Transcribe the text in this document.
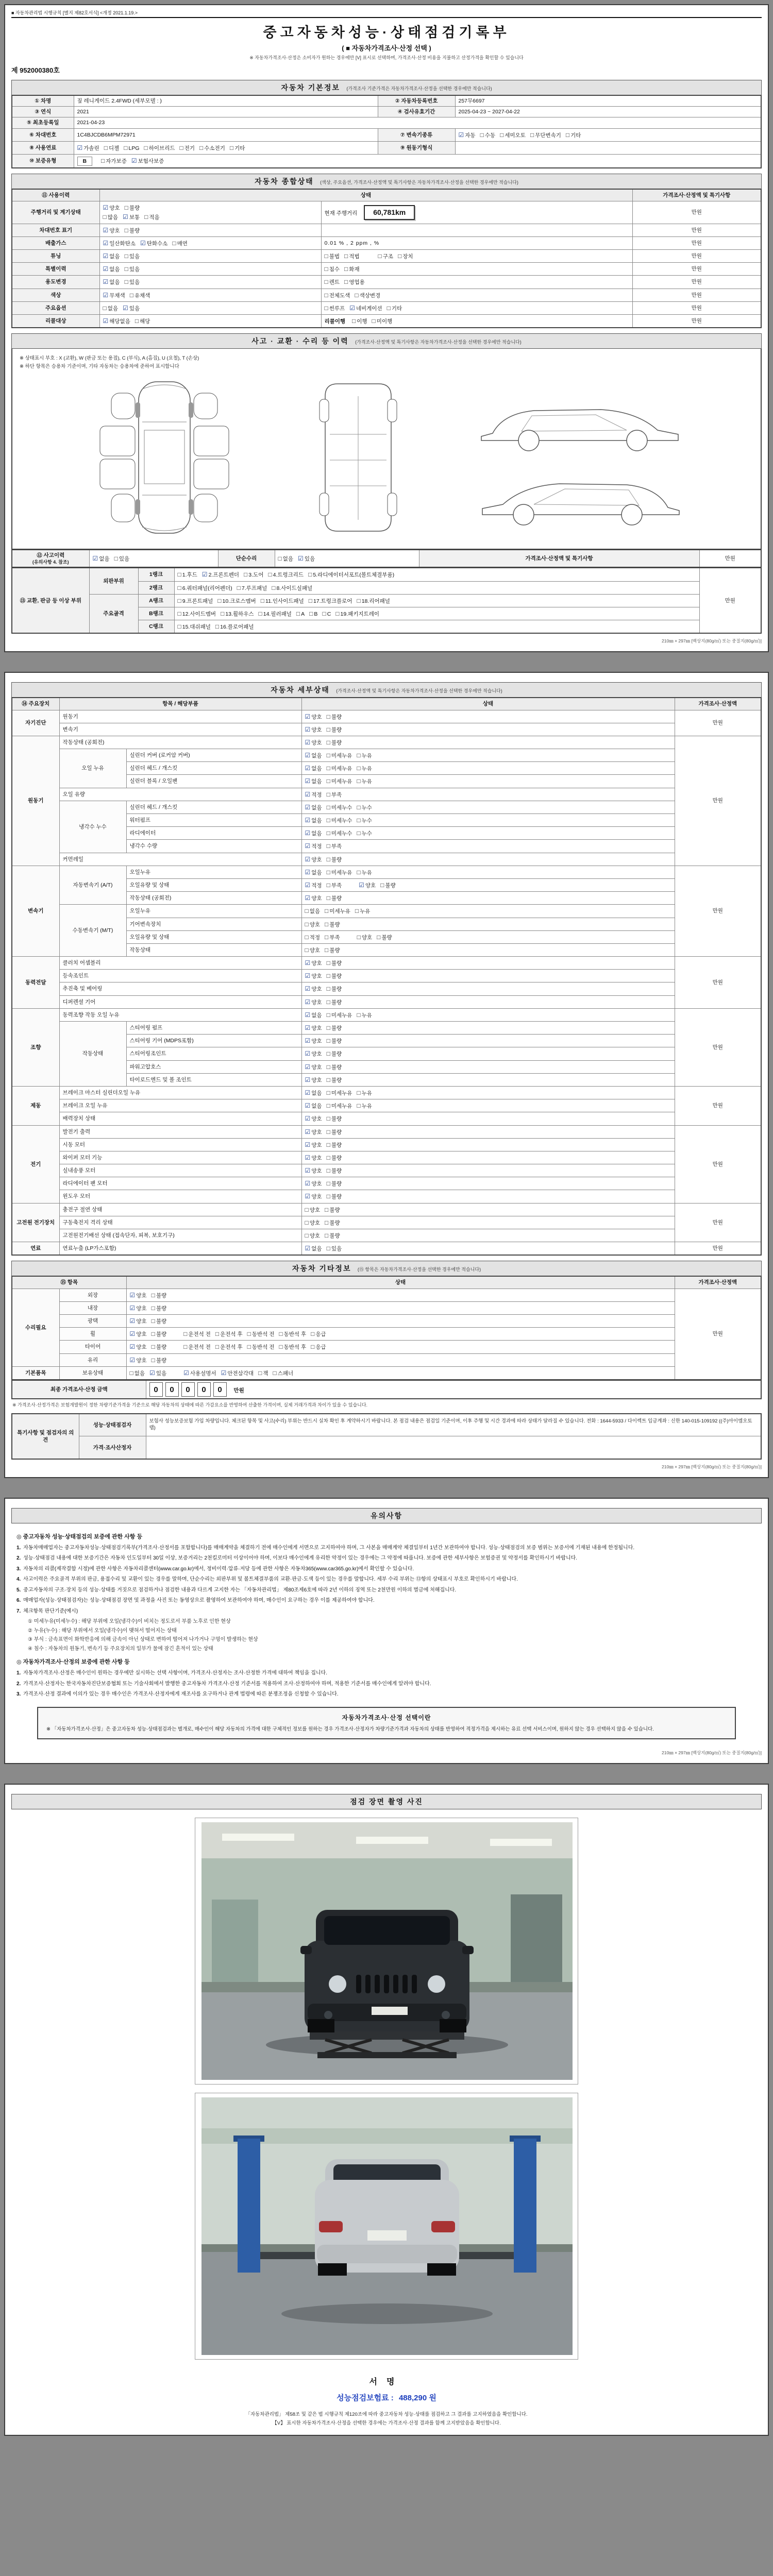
■ 자동차관리법 시행규칙 [별지 제82호서식] <개정 2021.1.19.>
중고자동차성능·상태점검기록부
( ■ 자동차가격조사·산정 선택 )
※ 자동차가격조사·산정은 소비자가 원하는 경우에만 [V] 표시로 선택하며, 가격조사·산정 비용을 지불하고 산정가격을 확인할 수 있습니다
제 952000380호
자동차 기본정보 (가격조사 기준가격은 자동차가격조사·산정을 선택한 경우에만 적습니다)
① 차명	짚 레니게이드 2.4FWD (세부모델 : )	② 자동차등록번호	257무6697
③ 연식	2021	④ 검사유효기간	2025-04-23 ~ 2027-04-22
⑤ 최초등록일	2021-04-23		
⑥ 차대번호	1C4BJCDB6MPM72971	⑦ 변속기종류	☑ 자동 □ 수동 □ 세미오토 □ 무단변속기 □ 기타
⑧ 사용연료	☑ 가솔린 □ 디젤 □ LPG □ 하이브리드 □ 전기 □ 수소전기 □ 기타	⑨ 원동기형식	
⑩ 보증유형	B □ 자가보증 ☑ 보험사보증		
자동차 종합상태 (색상, 주요옵션, 가격조사·산정액 및 특기사항은 자동차가격조사·산정을 선택한 경우에만 적습니다)
⑪ 사용이력	상태		가격조사·산정액 및 특기사항
주행거리 및 계기상태	☑ 양호 □ 불량
□ 많음 ☑ 보통 □ 적음	현재 주행거리 60,781km	만원
차대번호 표기	☑ 양호 □ 불량		만원
배출가스	☑ 일산화탄소 ☑ 탄화수소 □ 매연	0.01 % , 2 ppm , %	만원
튜닝	☑ 없음 □ 있음	□ 불법 □ 적법 □ 구조 □ 장치	만원
특별이력	☑ 없음 □ 있음	□ 침수 □ 화재	만원
용도변경	☑ 없음 □ 있음	□ 렌트 □ 영업용	만원
색상	☑ 무채색 □ 유채색	□ 전체도색 □ 색상변경	만원
주요옵션	□ 없음 ☑ 있음	□ 썬루프 ☑ 네비게이션 □ 기타	만원
리콜대상	☑ 해당없음 □ 해당	리콜이행 □ 이행 □ 미이행	만원
사고 · 교환 · 수리 등 이력 (가격조사·산정액 및 특기사항은 자동차가격조사·산정을 선택한 경우에만 적습니다)
※ 상태표시 부호 : X (교환), W (판금 또는 용접), C (부식), A (흠집), U (요철), T (손상)
※ 하단 항목은 승용차 기준이며, 기타 자동차는 승용차에 준하여 표시합니다
⑫ 사고이력
(유의사항 4. 참조)
	☑ 없음 □ 있음	단순수리	□ 없음 ☑ 있음	가격조사·산정액 및 특기사항	만원
⑬ 교환, 판금 등 이상 부위	외판부위	1랭크	□ 1.후드 ☑ 2.프론트펜더 □ 3.도어 □ 4.트렁크리드 □ 5.라디에이터서포트(볼트체결부품)	만원
		2랭크	□ 6.쿼터패널(리어펜더) □ 7.루프패널 □ 8.사이드실패널	
	주요골격	A랭크	□ 9.프론트패널 □ 10.크로스멤버 □ 11.인사이드패널 □ 17.트렁크플로어 □ 18.리어패널	
		B랭크	□ 12.사이드멤버 □ 13.휠하우스 □ 14.필러패널 □ A □ B □ C □ 19.패키지트레이	
		C랭크	□ 15.대쉬패널 □ 16.플로어패널	
210㎜ × 297㎜ [백상지(80g/㎡) 또는 중질지(80g/㎡)]
자동차 세부상태 (가격조사·산정액 및 특기사항은 자동차가격조사·산정을 선택한 경우에만 적습니다)
⑭ 주요장치	항목 / 해당부품		상태	가격조사·산정액
자기진단	원동기		☑ 양호 □ 불량	만원
	변속기		☑ 양호 □ 불량	
원동기	작동상태 (공회전)		☑ 양호 □ 불량	만원
	오일 누유	실린더 커버 (로커암 커버)	☑ 없음 □ 미세누유 □ 누유	
		실린더 헤드 / 개스킷	☑ 없음 □ 미세누유 □ 누유	
		실린더 블록 / 오일팬	☑ 없음 □ 미세누유 □ 누유	
	오일 유량		☑ 적정 □ 부족	
	냉각수 누수	실린더 헤드 / 개스킷	☑ 없음 □ 미세누수 □ 누수	
		워터펌프	☑ 없음 □ 미세누수 □ 누수	
		라디에이터	☑ 없음 □ 미세누수 □ 누수	
		냉각수 수량	☑ 적정 □ 부족	
	커먼레일		☑ 양호 □ 불량	
변속기	자동변속기 (A/T)	오일누유	☑ 없음 □ 미세누유 □ 누유	만원
		오일유량 및 상태	☑ 적정 □ 부족 ☑ 양호 □ 불량	
		작동상태 (공회전)	☑ 양호 □ 불량	
	수동변속기 (M/T)	오일누유	□ 없음 □ 미세누유 □ 누유	
		기어변속장치	□ 양호 □ 불량	
		오일유량 및 상태	□ 적정 □ 부족 □ 양호 □ 불량	
		작동상태	□ 양호 □ 불량	
동력전달	클러치 어셈블리		☑ 양호 □ 불량	만원
	등속조인트		☑ 양호 □ 불량	
	추진축 및 베어링		☑ 양호 □ 불량	
	디퍼렌셜 기어		☑ 양호 □ 불량	
조향	동력조향 작동 오일 누유		☑ 없음 □ 미세누유 □ 누유	만원
	작동상태	스티어링 펌프	☑ 양호 □ 불량	
		스티어링 기어 (MDPS포함)	☑ 양호 □ 불량	
		스티어링조인트	☑ 양호 □ 불량	
		파워고압호스	☑ 양호 □ 불량	
		타이로드엔드 및 볼 조인트	☑ 양호 □ 불량	
제동	브레이크 마스터 실린더오일 누유		☑ 없음 □ 미세누유 □ 누유	만원
	브레이크 오일 누유		☑ 없음 □ 미세누유 □ 누유	
	배력장치 상태		☑ 양호 □ 불량	
전기	발전기 출력		☑ 양호 □ 불량	만원
	시동 모터		☑ 양호 □ 불량	
	와이퍼 모터 기능		☑ 양호 □ 불량	
	실내송풍 모터		☑ 양호 □ 불량	
	라디에이터 팬 모터		☑ 양호 □ 불량	
	윈도우 모터		☑ 양호 □ 불량	
고전원 전기장치	충전구 절연 상태		□ 양호 □ 불량	만원
	구동축전지 격리 상태		□ 양호 □ 불량	
	고전원전기배선 상태 (접속단자, 피복, 보호기구)		□ 양호 □ 불량	
연료	연료누출 (LP가스포함)		☑ 없음 □ 있음	만원
자동차 기타정보 (⑮ 항목은 자동차가격조사·산정을 선택한 경우에만 적습니다)
⑮ 항목		상태	가격조사·산정액
수리필요	외장	☑ 양호 □ 불량	만원
	내장	☑ 양호 □ 불량	
	광택	☑ 양호 □ 불량	
	휠	☑ 양호 □ 불량 □ 운전석 전 □ 운전석 후 □ 동반석 전 □ 동반석 후 □ 응급	
	타이어	☑ 양호 □ 불량 □ 운전석 전 □ 운전석 후 □ 동반석 전 □ 동반석 후 □ 응급	
	유리	☑ 양호 □ 불량	
기본품목	보유상태	□ 없음 ☑ 있음 ☑ 사용설명서 ☑ 안전삼각대 □ 잭 □ 스패너	
최종 가격조사·산정 금액	0 0 0 0 0 만원
※ 가격조사·산정가격은 보험개발원이 정한 차량기준가격을 기준으로 해당 자동차의 상태에 따른 가감요소를 반영하여 산출한 가격이며, 실제 거래가격과 차이가 있을 수 있습니다.
특기사항 및 점검자의 의견	성능·상태점검자	보험사 성능보증보험 가입 차량입니다. 체크된 항목 및 사고(수리) 부위는 반드시 실차 확인 후 계약하시기 바랍니다. 본 점검 내용은 점검일 기준이며, 이후 주행 및 시간 경과에 따라 상태가 달라질 수 있습니다. 전화 : 1644-5933 / 다이렉트 입금계좌 : 신한 140-015-109192 ((주)아이엠오토랩)
	가격·조사산정자	
210㎜ × 297㎜ [백상지(80g/㎡) 또는 중질지(80g/㎡)]
유의사항
◎ 중고자동차 성능·상태점검의 보증에 관한 사항 등
1. 자동차매매업자는 중고자동차성능·상태점검기록부(가격조사·산정서를 포함합니다)를 매매계약을 체결하기 전에 매수인에게 서면으로 고지하여야 하며, 그 사본을 매매계약 체결일부터 1년간 보관하여야 합니다. 성능·상태점검의 보증 범위는 보증서에 기재된 내용에 한정됩니다.
2. 성능·상태점검 내용에 대한 보증기간은 자동차 인도일부터 30일 이상, 보증거리는 2천킬로미터 이상이어야 하며, 이보다 매수인에게 유리한 약정이 있는 경우에는 그 약정에 따릅니다. 보증에 관한 세부사항은 보험증권 및 약정서를 확인하시기 바랍니다.
3. 자동차의 리콜(제작결함 시정)에 관한 사항은 자동차리콜센터(www.car.go.kr)에서, 정비이력·압류·저당 등에 관한 사항은 자동차365(www.car365.go.kr)에서 확인할 수 있습니다.
4. 사고이력은 주요골격 부위의 판금, 용접수리 및 교환이 있는 경우를 말하며, 단순수리는 외판부위 및 볼트체결부품의 교환·판금·도색 등이 있는 경우를 말합니다. 세부 수리 부위는 ⑬항의 상태표시 부호로 확인하시기 바랍니다.
5. 중고자동차의 구조·장치 등의 성능·상태를 거짓으로 점검하거나 점검한 내용과 다르게 고지한 자는 「자동차관리법」 제80조제6호에 따라 2년 이하의 징역 또는 2천만원 이하의 벌금에 처해집니다.
6. 매매업자(성능·상태점검자)는 성능·상태점검 장면 및 과정을 사진 또는 동영상으로 촬영하여 보관하여야 하며, 매수인이 요구하는 경우 이를 제공하여야 합니다.
7. 체크항목 판단기준(예시)
① 미세누유(미세누수) : 해당 부위에 오일(냉각수)이 비치는 정도로서 부품 노후로 인한 현상
② 누유(누수) : 해당 부위에서 오일(냉각수)이 맺혀서 떨어지는 상태
③ 부식 : 금속표면이 화학반응에 의해 금속이 아닌 상태로 변하여 떨어져 나가거나 구멍이 발생하는 현상
④ 침수 : 자동차의 원동기, 변속기 등 주요장치의 일부가 물에 잠긴 흔적이 있는 상태
◎ 자동차가격조사·산정의 보증에 관한 사항 등
1. 자동차가격조사·산정은 매수인이 원하는 경우에만 실시하는 선택 사항이며, 가격조사·산정자는 조사·산정한 가격에 대하여 책임을 집니다.
2. 가격조사·산정자는 한국자동차진단보증협회 또는 기술사회에서 발행한 중고자동차 가격조사·산정 기준서를 적용하여 조사·산정하여야 하며, 적용한 기준서를 매수인에게 알려야 합니다.
3. 가격조사·산정 결과에 이의가 있는 경우 매수인은 가격조사·산정자에게 재조사를 요구하거나 관계 법령에 따른 분쟁조정을 신청할 수 있습니다.
자동차가격조사·산정 선택이란
※ 「자동차가격조사·산정」은 중고자동차 성능·상태점검과는 별개로, 매수인이 해당 자동차의 가격에 대한 구체적인 정보를 원하는 경우 가격조사·산정자가 차량기준가격과 자동차의 상태를 반영하여 적정가격을 제시하는 유료 선택 서비스이며, 원하지 않는 경우 선택하지 않을 수 있습니다.
210㎜ × 297㎜ [백상지(80g/㎡) 또는 중질지(80g/㎡)]
점검 장면 촬영 사진
서명
성능점검보험료 : 488,290 원
「자동차관리법」 제58조 및 같은 법 시행규칙 제120조에 따라 중고자동차 성능·상태를 점검하고 그 결과를 고지하였음을 확인합니다.
【V】 표시한 자동차가격조사·산정을 선택한 경우에는 가격조사·산정 결과를 함께 고지받았음을 확인합니다.
